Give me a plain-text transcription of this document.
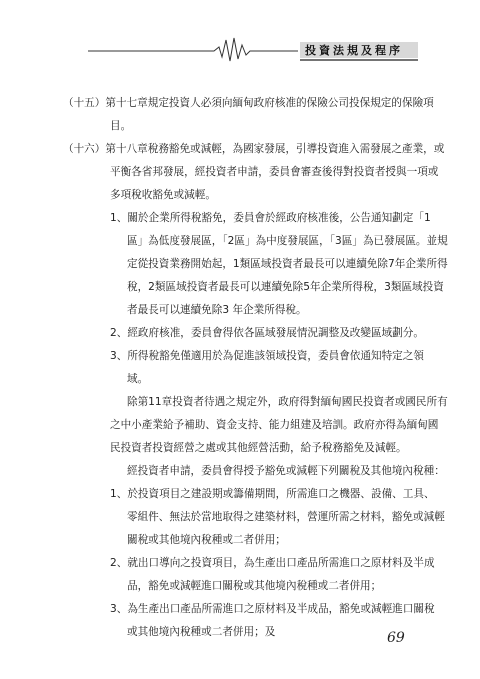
投資法規及程序
（十五）第十七章規定投資人必須向緬甸政府核准的保險公司投保規定的保險項
目。
（十六）第十八章稅務豁免或減輕，為國家發展，引導投資進入需發展之產業，或
平衡各省邦發展，經投資者申請，委員會審查後得對投資者授與一項或
多項稅收豁免或減輕。
1、關於企業所得稅豁免，委員會於經政府核准後，公告通知劃定「1
區」為低度發展區，「2區」為中度發展區，「3區」為已發展區。並規
定從投資業務開始起，1類區域投資者最長可以連續免除7年企業所得
稅，2類區域投資者最長可以連續免除5年企業所得稅，3類區域投資
者最長可以連續免除3 年企業所得稅。
2、經政府核准，委員會得依各區域發展情況調整及改變區域劃分。
3、所得稅豁免僅適用於為促進該領域投資，委員會依通知特定之領
域。
除第11章投資者待遇之規定外，政府得對緬甸國民投資者或國民所有
之中小產業給予補助、資金支持、能力組建及培訓。政府亦得為緬甸國
民投資者投資經營之處或其他經營活動，給予稅務豁免及減輕。
經投資者申請，委員會得授予豁免或減輕下列關稅及其他境內稅種：
1、於投資項目之建設期或籌備期間，所需進口之機器、設備、工具、
零組件、無法於當地取得之建築材料，營運所需之材料，豁免或減輕
關稅或其他境內稅種或二者併用；
2、就出口導向之投資項目，為生產出口產品所需進口之原材料及半成
品，豁免或減輕進口關稅或其他境內稅種或二者併用；
3、為生產出口產品所需進口之原材料及半成品，豁免或減輕進口關稅
或其他境內稅種或二者併用；及	69
